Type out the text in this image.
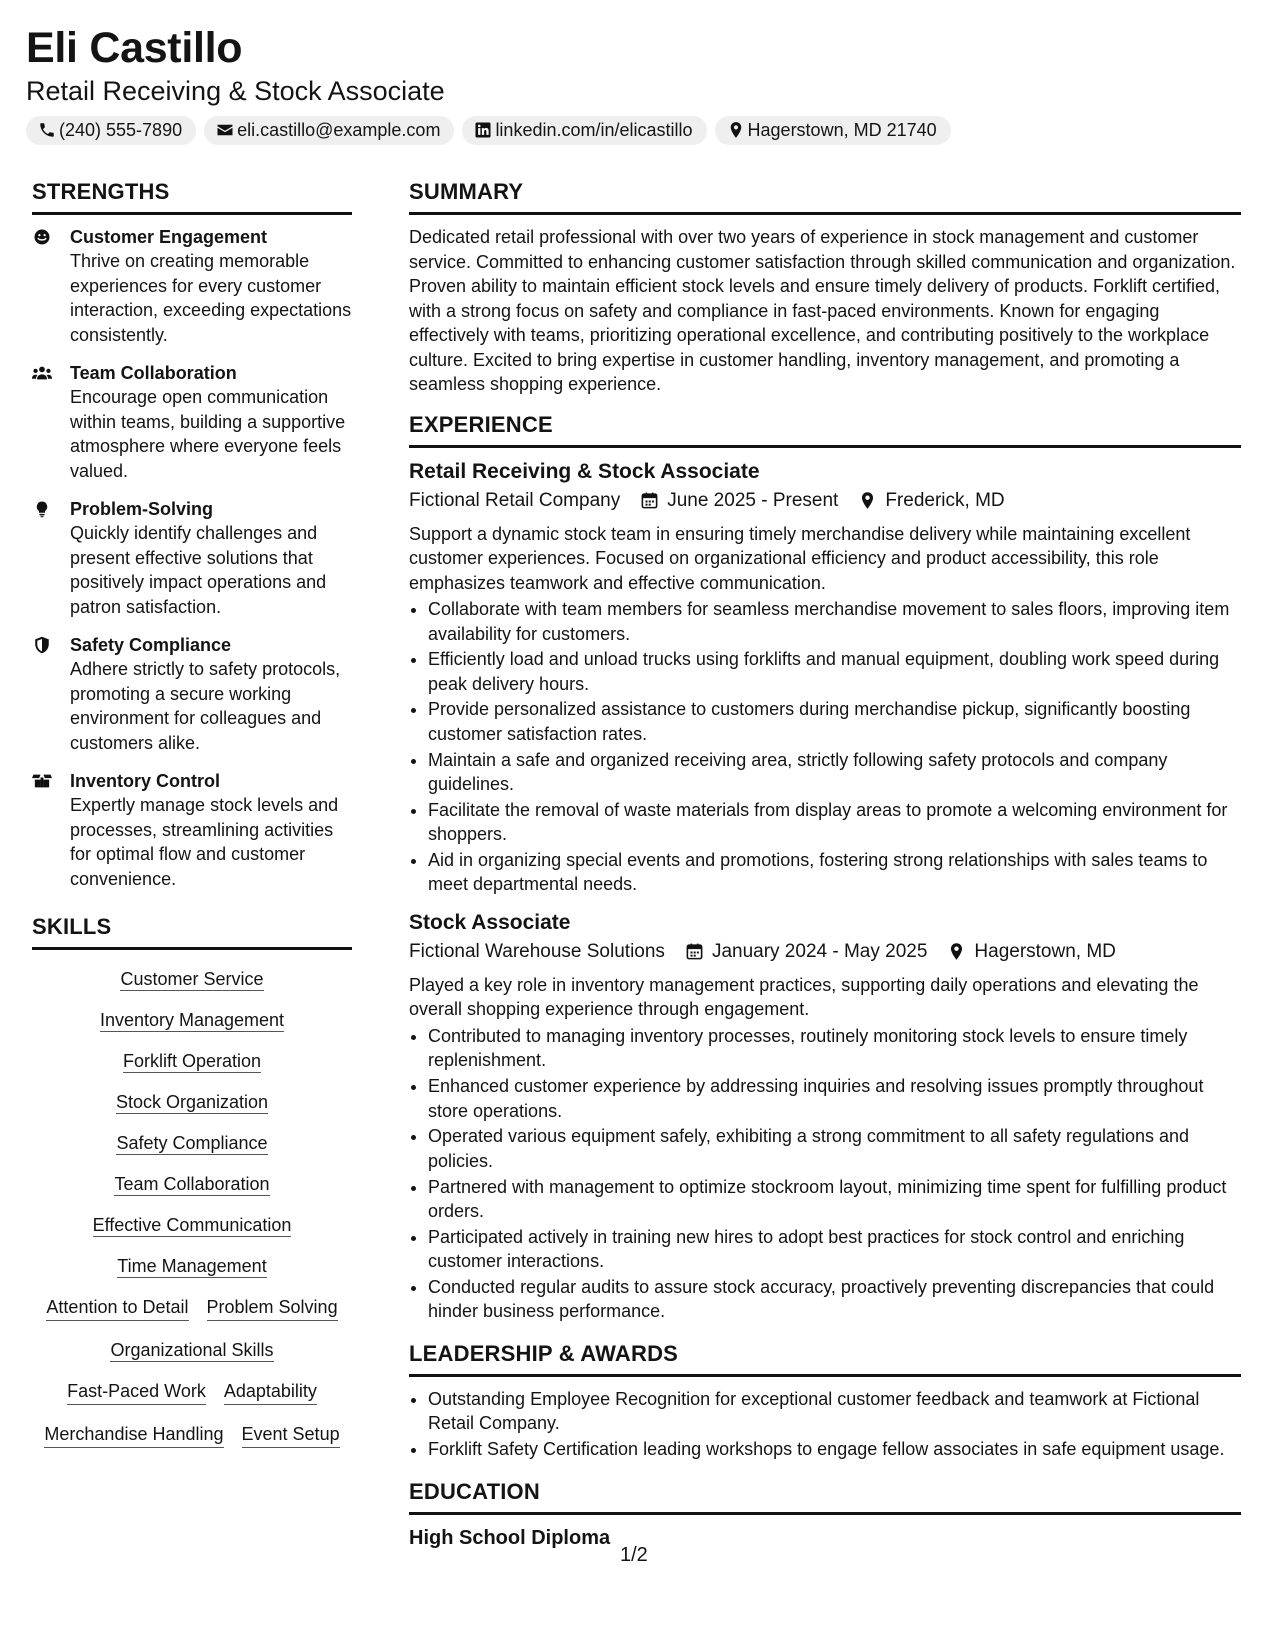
Eli Castillo
Retail Receiving & Stock Associate
(240) 555-7890	eli.castillo@example.com	linkedin.com/in/elicastillo	Hagerstown, MD 21740
STRENGTHS
Customer Engagement
Thrive on creating memorable experiences for every customer interaction, exceeding expectations consistently.
Team Collaboration
Encourage open communication within teams, building a supportive atmosphere where everyone feels valued.
Problem-Solving
Quickly identify challenges and present effective solutions that positively impact operations and patron satisfaction.
Safety Compliance
Adhere strictly to safety protocols, promoting a secure working environment for colleagues and customers alike.
Inventory Control
Expertly manage stock levels and processes, streamlining activities for optimal flow and customer convenience.
SKILLS
Customer Service
Inventory Management
Forklift Operation
Stock Organization
Safety Compliance
Team Collaboration
Effective Communication
Time Management
Attention to Detail Problem Solving
Organizational Skills
Fast-Paced Work Adaptability
Merchandise Handling Event Setup
SUMMARY

Dedicated retail professional with over two years of experience in stock management and customer service. Committed to enhancing customer satisfaction through skilled communication and organization. Proven ability to maintain efficient stock levels and ensure timely delivery of products. Forklift certified, with a strong focus on safety and compliance in fast-paced environments. Known for engaging effectively with teams, prioritizing operational excellence, and contributing positively to the workplace culture. Excited to bring expertise in customer handling, inventory management, and promoting a seamless shopping experience.

EXPERIENCE
Retail Receiving & Stock Associate
Fictional Retail Company June 2025 - Present Frederick, MD

Support a dynamic stock team in ensuring timely merchandise delivery while maintaining excellent customer experiences. Focused on organizational efficiency and product accessibility, this role emphasizes teamwork and effective communication.

• Collaborate with team members for seamless merchandise movement to sales floors, improving item availability for customers.
• Efficiently load and unload trucks using forklifts and manual equipment, doubling work speed during peak delivery hours.
• Provide personalized assistance to customers during merchandise pickup, significantly boosting customer satisfaction rates.
• Maintain a safe and organized receiving area, strictly following safety protocols and company guidelines.
• Facilitate the removal of waste materials from display areas to promote a welcoming environment for shoppers.
• Aid in organizing special events and promotions, fostering strong relationships with sales teams to meet departmental needs.
Stock Associate
Fictional Warehouse Solutions January 2024 - May 2025 Hagerstown, MD

Played a key role in inventory management practices, supporting daily operations and elevating the overall shopping experience through engagement.

• Contributed to managing inventory processes, routinely monitoring stock levels to ensure timely replenishment.
• Enhanced customer experience by addressing inquiries and resolving issues promptly throughout store operations.
• Operated various equipment safely, exhibiting a strong commitment to all safety regulations and policies.
• Partnered with management to optimize stockroom layout, minimizing time spent for fulfilling product orders.
• Participated actively in training new hires to adopt best practices for stock control and enriching customer interactions.
• Conducted regular audits to assure stock accuracy, proactively preventing discrepancies that could hinder business performance.
LEADERSHIP & AWARDS
• Outstanding Employee Recognition for exceptional customer feedback and teamwork at Fictional Retail Company.
• Forklift Safety Certification leading workshops to engage fellow associates in safe equipment usage.
EDUCATION
High School Diploma
1/2
